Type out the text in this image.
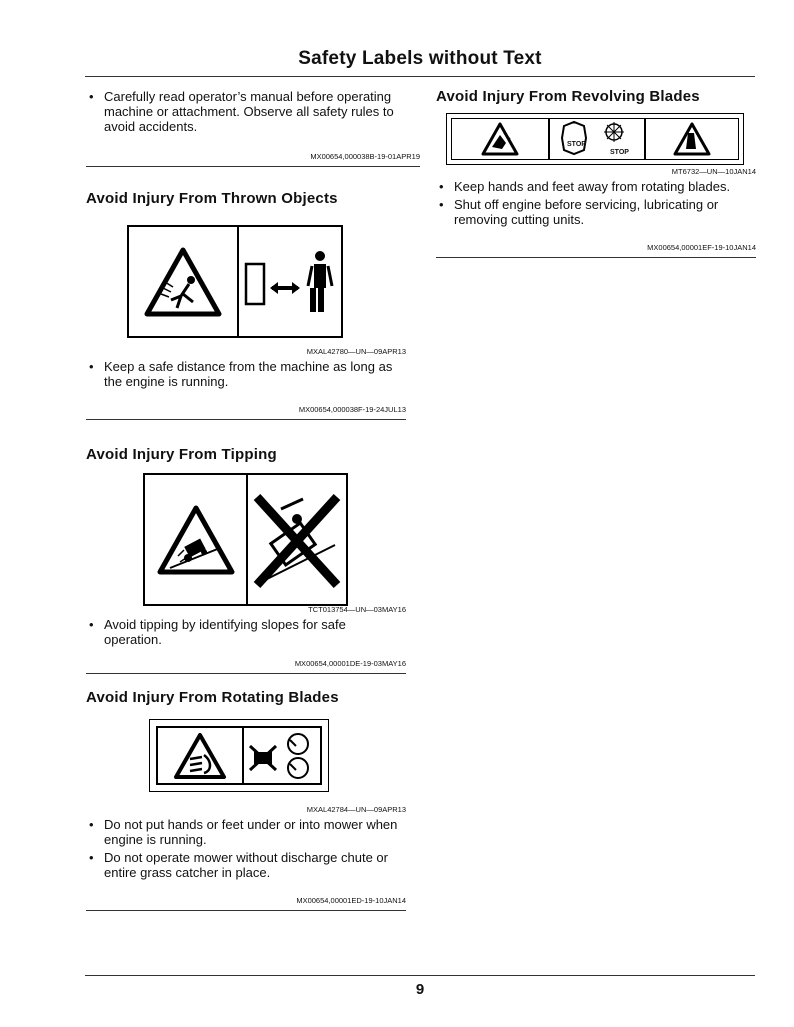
Safety Labels without Text

• Carefully read operator’s manual before operating machine or attachment. Observe all safety rules to avoid accidents.

MX00654,000038B-19-01APR19
Avoid Injury From Thrown Objects
MXAL42780—UN—09APR13

• Keep a safe distance from the machine as long as the engine is running.

MX00654,000038F-19-24JUL13
Avoid Injury From Tipping
TCT013754—UN—03MAY16

• Avoid tipping by identifying slopes for safe operation.

MX00654,00001DE-19-03MAY16
Avoid Injury From Rotating Blades
MXAL42784—UN—09APR13

• Do not put hands or feet under or into mower when engine is running.

• Do not operate mower without discharge chute or entire grass catcher in place.

MX00654,00001ED-19-10JAN14
Avoid Injury From Revolving Blades
STOP
STOP
MT6732—UN—10JAN14

• Keep hands and feet away from rotating blades.

• Shut off engine before servicing, lubricating or removing cutting units.

MX00654,00001EF-19-10JAN14
9
